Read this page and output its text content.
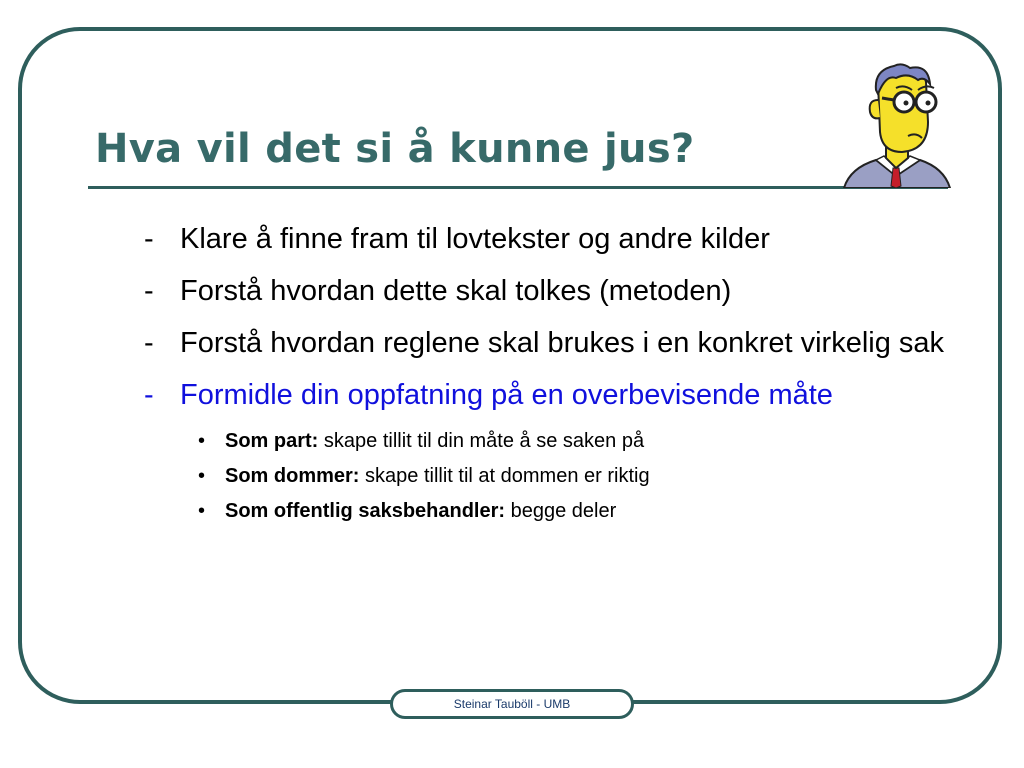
Hva vil det si å kunne jus?
- Klare å finne fram til lovtekster og andre kilder
- Forstå hvordan dette skal tolkes (metoden)
- Forstå hvordan reglene skal brukes i en konkret virkelig sak
- Formidle din oppfatning på en overbevisende måte
• Som part: skape tillit til din måte å se saken på
• Som dommer: skape tillit til at dommen er riktig
• Som offentlig saksbehandler: begge deler
Steinar Tauböll - UMB
